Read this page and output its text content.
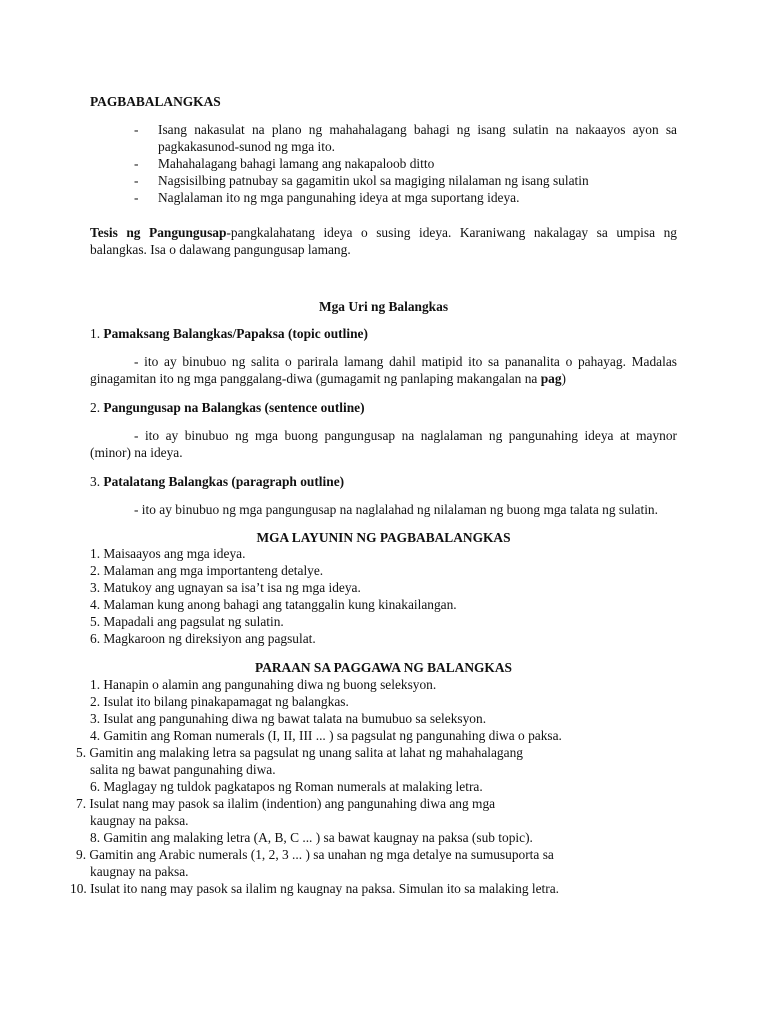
PAGBABALANGKAS
- Isang nakasulat na plano ng mahahalagang bahagi ng isang sulatin na nakaayos ayon sa pagkakasunod-sunod ng mga ito.
- Mahahalagang bahagi lamang ang nakapaloob ditto
- Nagsisilbing patnubay sa gagamitin ukol sa magiging nilalaman ng isang sulatin
- Naglalaman ito ng mga pangunahing ideya at mga suportang ideya.
Tesis ng Pangungusap-pangkalahatang ideya o susing ideya. Karaniwang nakalagay sa umpisa ng balangkas. Isa o dalawang pangungusap lamang.
Mga Uri ng Balangkas
1. Pamaksang Balangkas/Papaksa (topic outline)
- ito ay binubuo ng salita o parirala lamang dahil matipid ito sa pananalita o pahayag. Madalas ginagamitan ito ng mga panggalang-diwa (gumagamit ng panlaping makangalan na pag)
2. Pangungusap na Balangkas (sentence outline)
- ito ay binubuo ng mga buong pangungusap na naglalaman ng pangunahing ideya at maynor (minor) na ideya.
3. Patalatang Balangkas (paragraph outline)
- ito ay binubuo ng mga pangungusap na naglalahad ng nilalaman ng buong mga talata ng sulatin.
MGA LAYUNIN NG PAGBABALANGKAS
1. Maisaayos ang mga ideya.
2. Malaman ang mga importanteng detalye.
3. Matukoy ang ugnayan sa isa’t isa ng mga ideya.
4. Malaman kung anong bahagi ang tatanggalin kung kinakailangan.
5. Mapadali ang pagsulat ng sulatin.
6. Magkaroon ng direksiyon ang pagsulat.
PARAAN SA PAGGAWA NG BALANGKAS
1. Hanapin o alamin ang pangunahing diwa ng buong seleksyon.
2. Isulat ito bilang pinakapamagat ng balangkas.
3. Isulat ang pangunahing diwa ng bawat talata na bumubuo sa seleksyon.
4. Gamitin ang Roman numerals (I, II, III ... ) sa pagsulat ng pangunahing diwa o paksa.
5. Gamitin ang malaking letra sa pagsulat ng unang salita at lahat ng mahahalagang salita ng bawat pangunahing diwa.
6. Maglagay ng tuldok pagkatapos ng Roman numerals at malaking letra.
7. Isulat nang may pasok sa ilalim (indention) ang pangunahing diwa ang mga kaugnay na paksa.
8. Gamitin ang malaking letra (A, B, C ... ) sa bawat kaugnay na paksa (sub topic).
9. Gamitin ang Arabic numerals (1, 2, 3 ... ) sa unahan ng mga detalye na sumusuporta sa kaugnay na paksa.
10. Isulat ito nang may pasok sa ilalim ng kaugnay na paksa. Simulan ito sa malaking letra.
